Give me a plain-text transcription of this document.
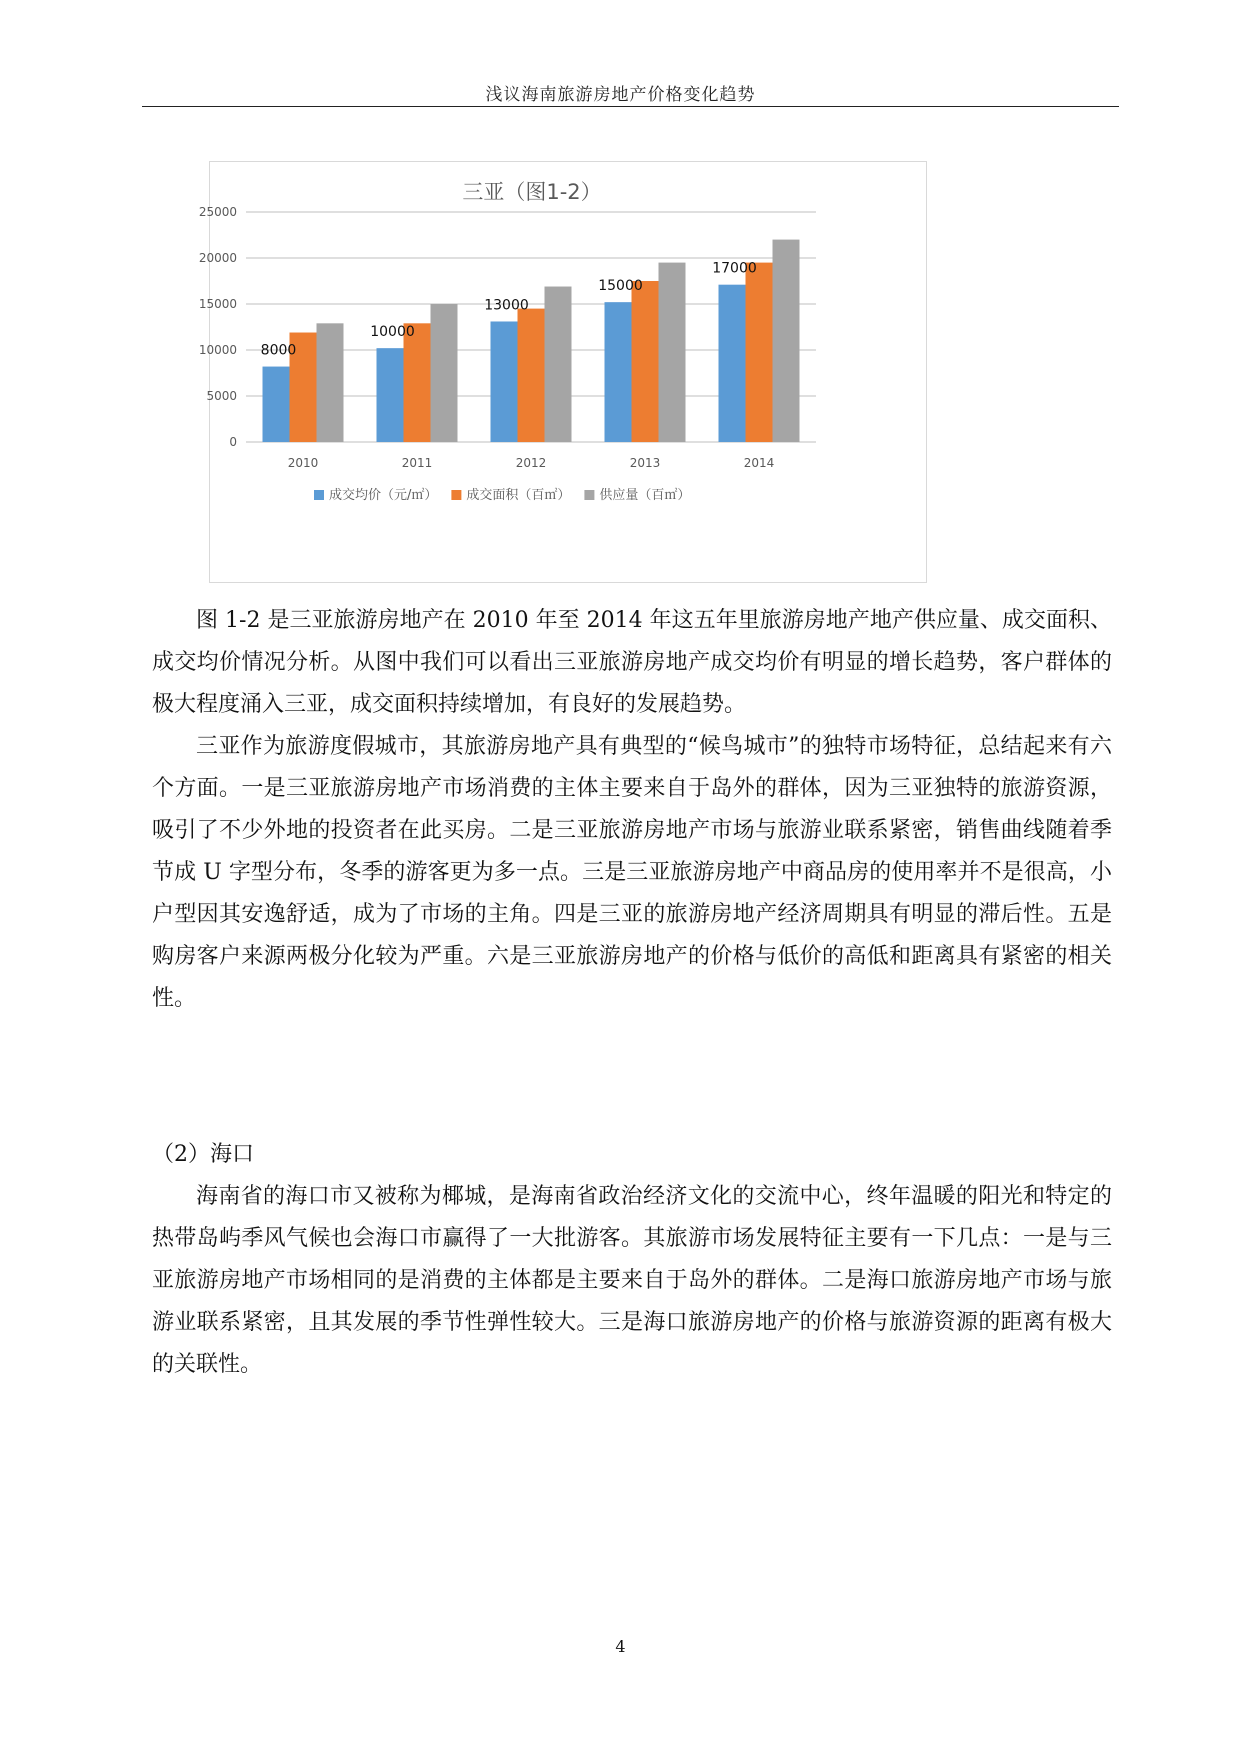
浅议海南旅游房地产价格变化趋势
三亚（图1-2）
0
5000
10000
15000
20000
25000
2010
8000
2011
10000
2012
13000
2013
15000
2014
17000
成交均价（元/㎡） 成交面积（百㎡） 供应量（百㎡）

图 1-2 是三亚旅游房地产在 2010 年至 2014 年这五年里旅游房地产地产供应量、成交面积、成交均价情况分析。从图中我们可以看出三亚旅游房地产成交均价有明显的增长趋势，客户群体的极大程度涌入三亚，成交面积持续增加，有良好的发展趋势。

三亚作为旅游度假城市，其旅游房地产具有典型的“候鸟城市”的独特市场特征，总结起来有六个方面。一是三亚旅游房地产市场消费的主体主要来自于岛外的群体，因为三亚独特的旅游资源，吸引了不少外地的投资者在此买房。二是三亚旅游房地产市场与旅游业联系紧密，销售曲线随着季节成 U 字型分布，冬季的游客更为多一点。三是三亚旅游房地产中商品房的使用率并不是很高，小户型因其安逸舒适，成为了市场的主角。四是三亚的旅游房地产经济周期具有明显的滞后性。五是购房客户来源两极分化较为严重。六是三亚旅游房地产的价格与低价的高低和距离具有紧密的相关性。

（2）海口

海南省的海口市又被称为椰城，是海南省政治经济文化的交流中心，终年温暖的阳光和特定的热带岛屿季风气候也会海口市赢得了一大批游客。其旅游市场发展特征主要有一下几点：一是与三亚旅游房地产市场相同的是消费的主体都是主要来自于岛外的群体。二是海口旅游房地产市场与旅游业联系紧密，且其发展的季节性弹性较大。三是海口旅游房地产的价格与旅游资源的距离有极大的关联性。

4
